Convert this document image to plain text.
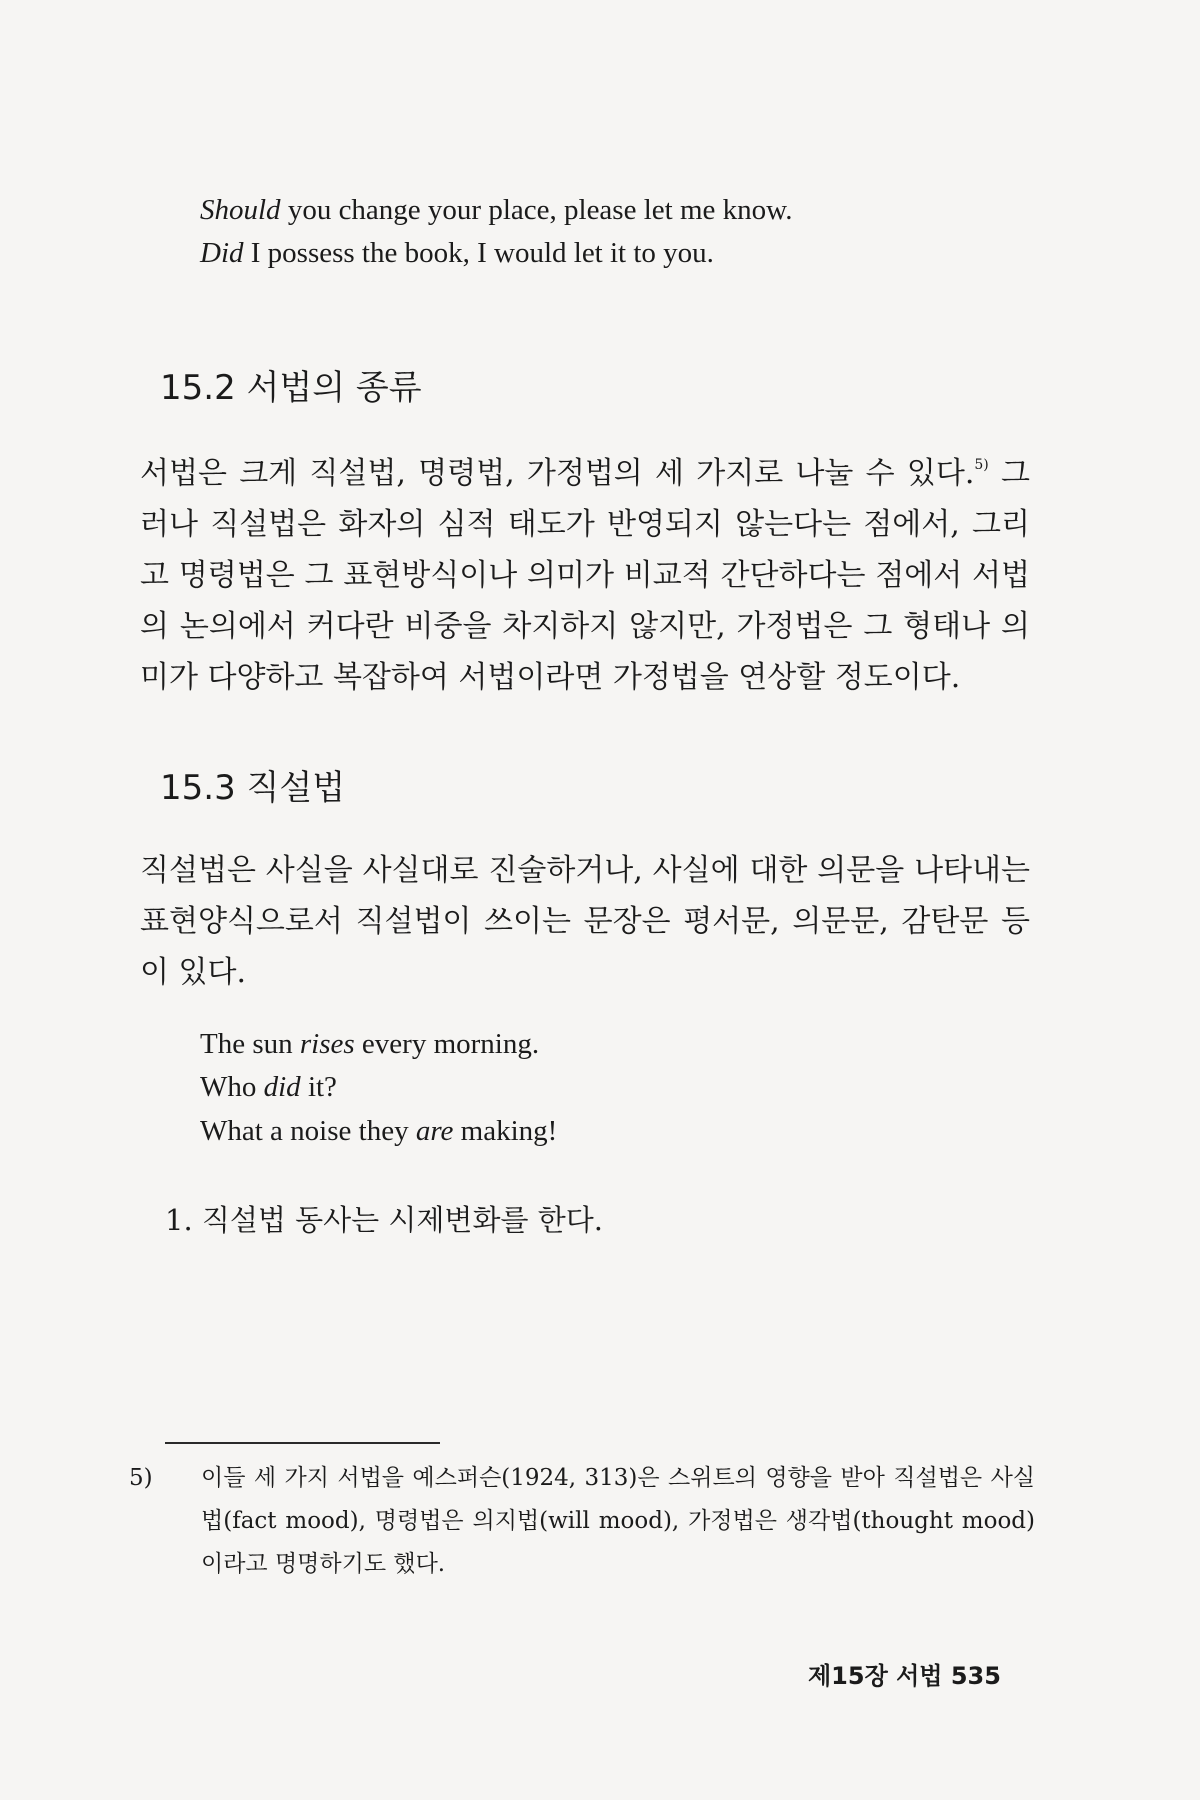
Should you change your place, please let me know.
Did I possess the book, I would let it to you.
15.2 서법의 종류

서법은 크게 직설법, 명령법, 가정법의 세 가지로 나눌 수 있다.$^{5)}$ 그러나 직설법은 화자의 심적 태도가 반영되지 않는다는 점에서, 그리고 명령법은 그 표현방식이나 의미가 비교적 간단하다는 점에서 서법의 논의에서 커다란 비중을 차지하지 않지만, 가정법은 그 형태나 의미가 다양하고 복잡하여 서법이라면 가정법을 연상할 정도이다.

15.3 직설법

직설법은 사실을 사실대로 진술하거나, 사실에 대한 의문을 나타내는 표현양식으로서 직설법이 쓰이는 문장은 평서문, 의문문, 감탄문 등이 있다.

The sun rises every morning.
Who did it?
What a noise they are making!
1. 직설법 동사는 시제변화를 한다.

5) 이들 세 가지 서법을 예스퍼슨(1924, 313)은 스위트의 영향을 받아 직설법은 사실법(fact mood), 명령법은 의지법(will mood), 가정법은 생각법(thought mood)이라고 명명하기도 했다.

제15장 서법 535
